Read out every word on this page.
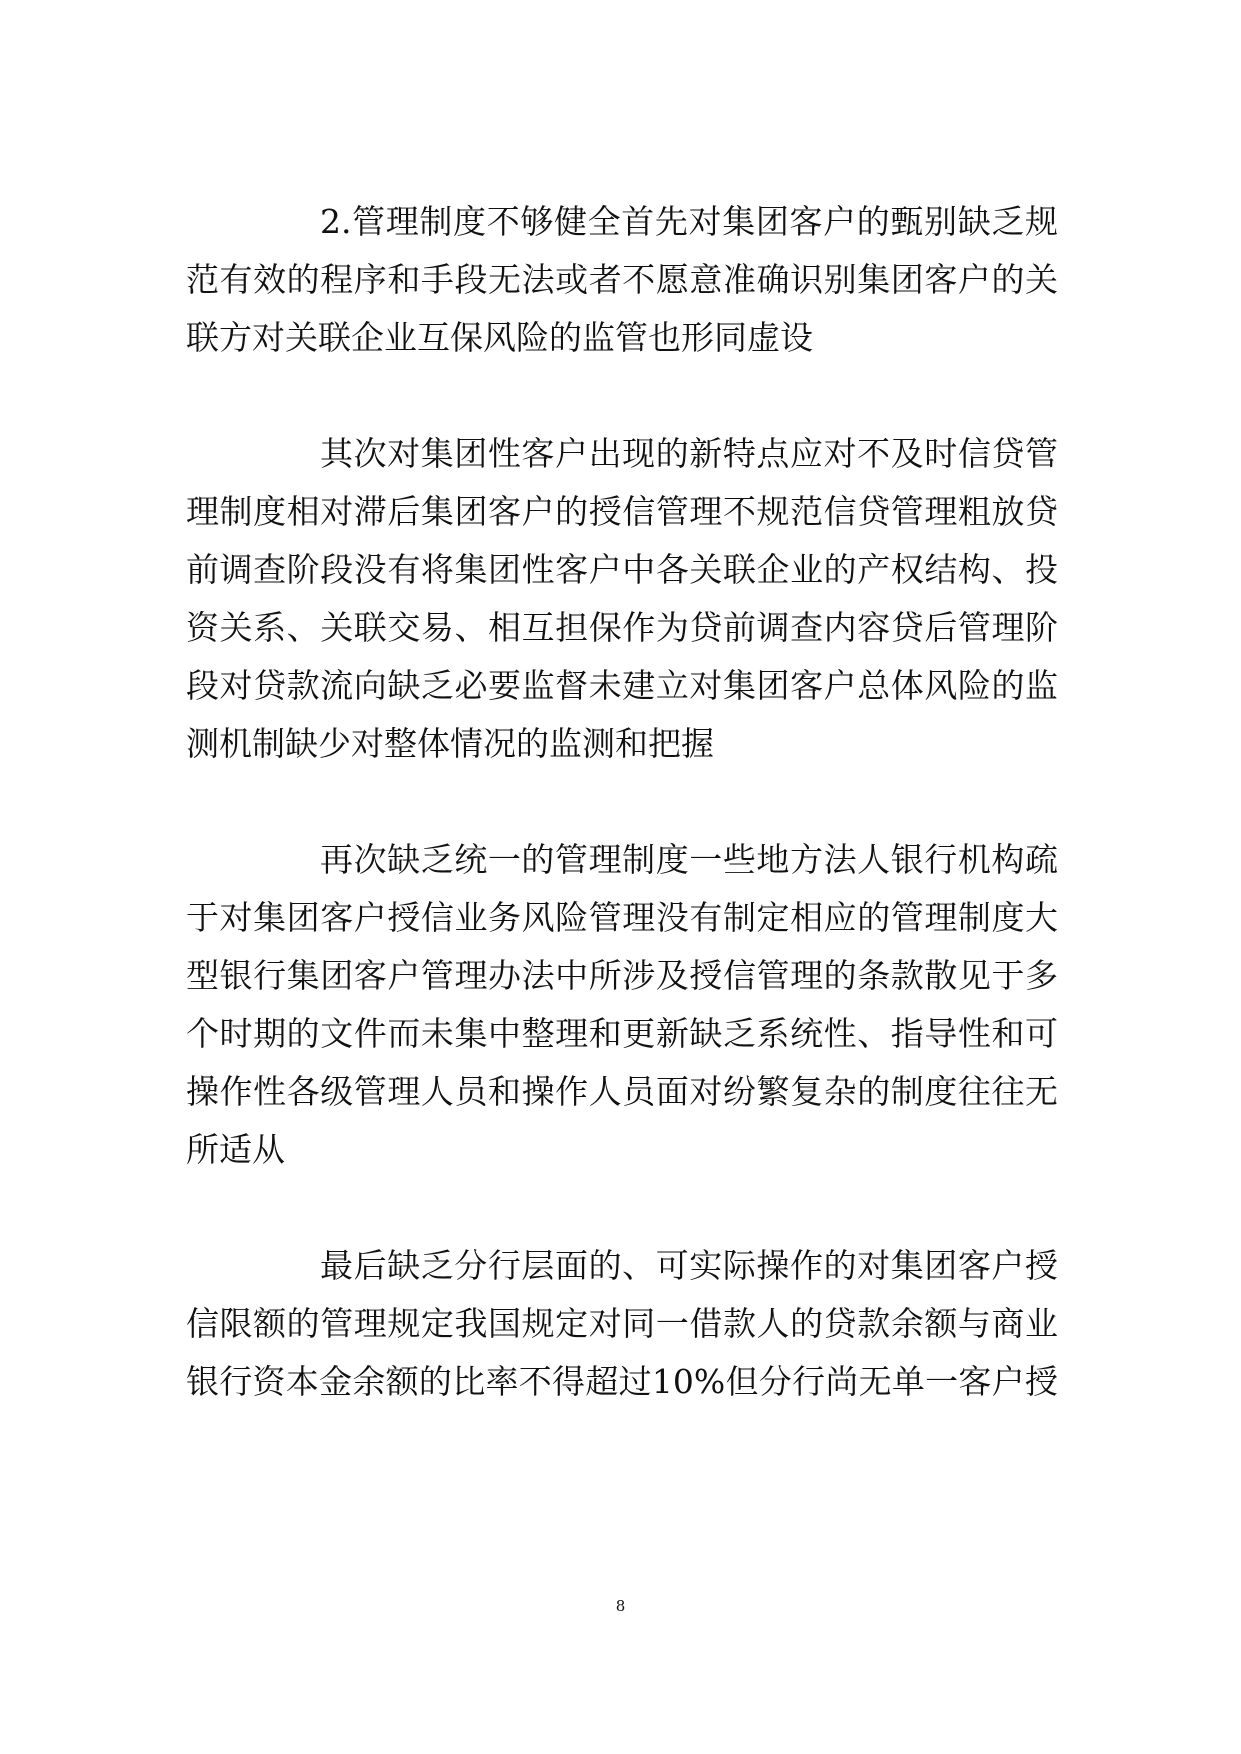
2.管理制度不够健全首先对集团客户的甄别缺乏规
范有效的程序和手段无法或者不愿意准确识别集团客户的关
联方对关联企业互保风险的监管也形同虚设
其次对集团性客户出现的新特点应对不及时信贷管
理制度相对滞后集团客户的授信管理不规范信贷管理粗放贷
前调查阶段没有将集团性客户中各关联企业的产权结构、投
资关系、关联交易、相互担保作为贷前调查内容贷后管理阶
段对贷款流向缺乏必要监督未建立对集团客户总体风险的监
测机制缺少对整体情况的监测和把握
再次缺乏统一的管理制度一些地方法人银行机构疏
于对集团客户授信业务风险管理没有制定相应的管理制度大
型银行集团客户管理办法中所涉及授信管理的条款散见于多
个时期的文件而未集中整理和更新缺乏系统性、指导性和可
操作性各级管理人员和操作人员面对纷繁复杂的制度往往无
所适从
最后缺乏分行层面的、可实际操作的对集团客户授
信限额的管理规定我国规定对同一借款人的贷款余额与商业
银行资本金余额的比率不得超过10%但分行尚无单一客户授
8
